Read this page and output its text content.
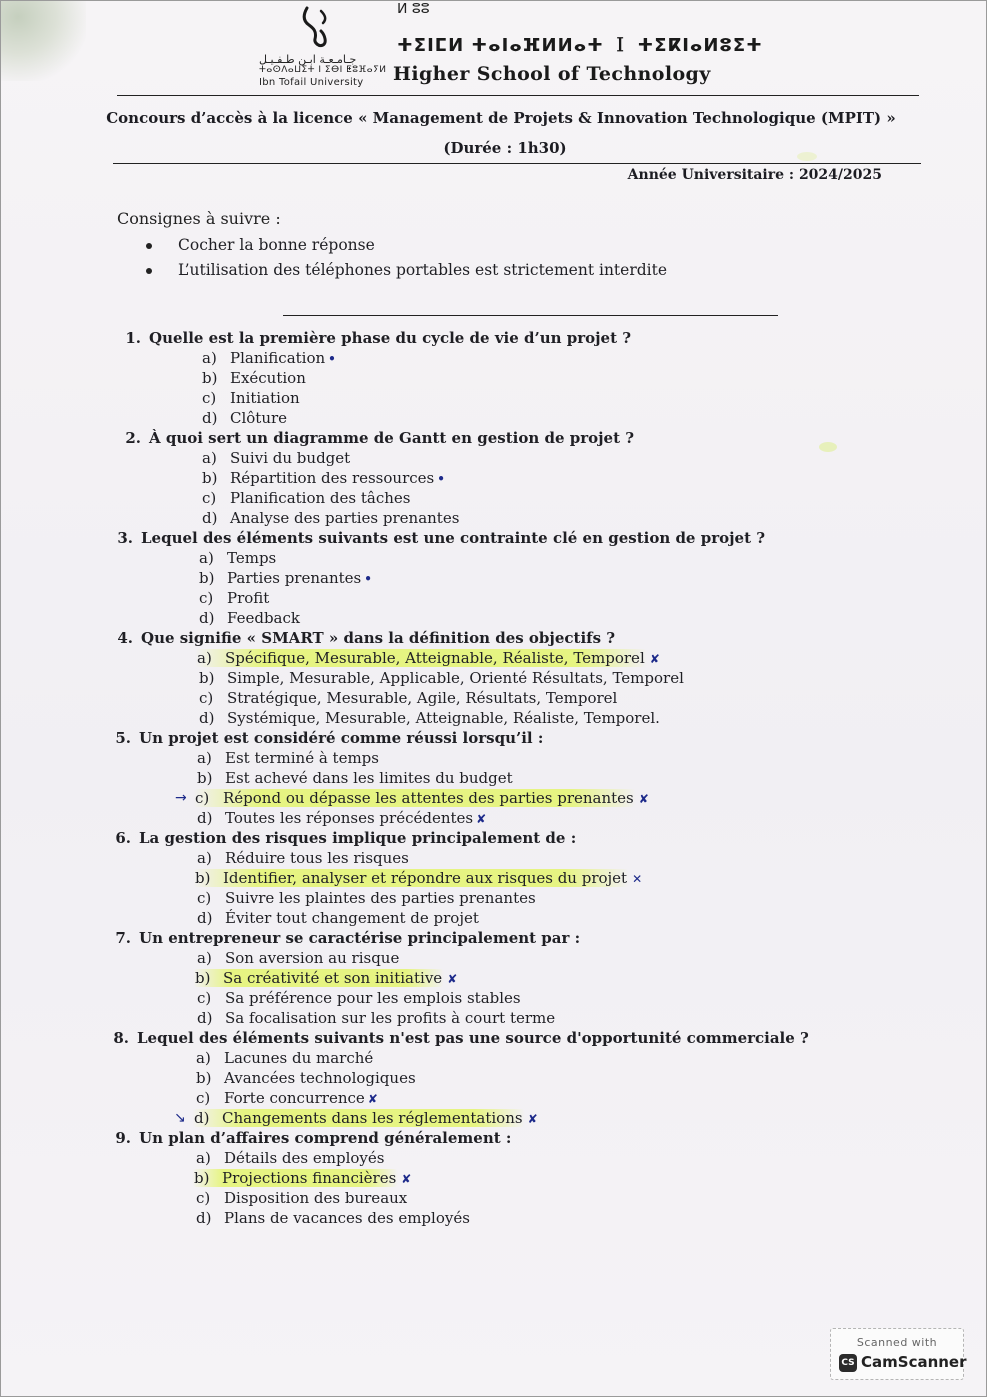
ⵍ ⵓⵓ
ⵜⵉⵏⵎⵍ ⵜⴰⵏⴰⴼⵍⵍⴰⵜ Ｉ ⵜⵉⴽⵏⴰⵍⵓⵉⵜ
جـامـعـة ابـن طـفـيـل
ⵜⴰⵙⴷⴰⵡⵉⵜ ⵏ ⵉⴱⵏ ⵟⵓⴼⴰⵢⵍ
Ibn Tofail University Higher School of Technology
Concours d’accès à la licence « Management de Projets & Innovation Technologique (MPIT) »
(Durée : 1h30)
Année Universitaire : 2024/2025
Consignes à suivre :
Cocher la bonne réponse
L’utilisation des téléphones portables est strictement interdite
1. Quelle est la première phase du cycle de vie d’un projet ?
a) Planification •
b) Exécution
c) Initiation
d) Clôture
2. À quoi sert un diagramme de Gantt en gestion de projet ?
a) Suivi du budget
b) Répartition des ressources •
c) Planification des tâches
d) Analyse des parties prenantes
3. Lequel des éléments suivants est une contrainte clé en gestion de projet ?
a) Temps
b) Parties prenantes •
c) Profit
d) Feedback
4. Que signifie « SMART » dans la définition des objectifs ?
a) Spécifique, Mesurable, Atteignable, Réaliste, Temporel ✘
b) Simple, Mesurable, Applicable, Orienté Résultats, Temporel
c) Stratégique, Mesurable, Agile, Résultats, Temporel
d) Systémique, Mesurable, Atteignable, Réaliste, Temporel.
5. Un projet est considéré comme réussi lorsqu’il :
a) Est terminé à temps
b) Est achevé dans les limites du budget
→ c) Répond ou dépasse les attentes des parties prenantes ✘
d) Toutes les réponses précédentes ✘
6. La gestion des risques implique principalement de :
a) Réduire tous les risques
b) Identifier, analyser et répondre aux risques du projet ✕
c) Suivre les plaintes des parties prenantes
d) Éviter tout changement de projet
7. Un entrepreneur se caractérise principalement par :
a) Son aversion au risque
b) Sa créativité et son initiative ✘
c) Sa préférence pour les emplois stables
d) Sa focalisation sur les profits à court terme
8. Lequel des éléments suivants n'est pas une source d'opportunité commerciale ?
a) Lacunes du marché
b) Avancées technologiques
c) Forte concurrence ✘
↘ d) Changements dans les réglementations ✘
9. Un plan d’affaires comprend généralement :
a) Détails des employés
b) Projections financières ✘
c) Disposition des bureaux
d) Plans de vacances des employés
Scanned with
CS CamScanner
